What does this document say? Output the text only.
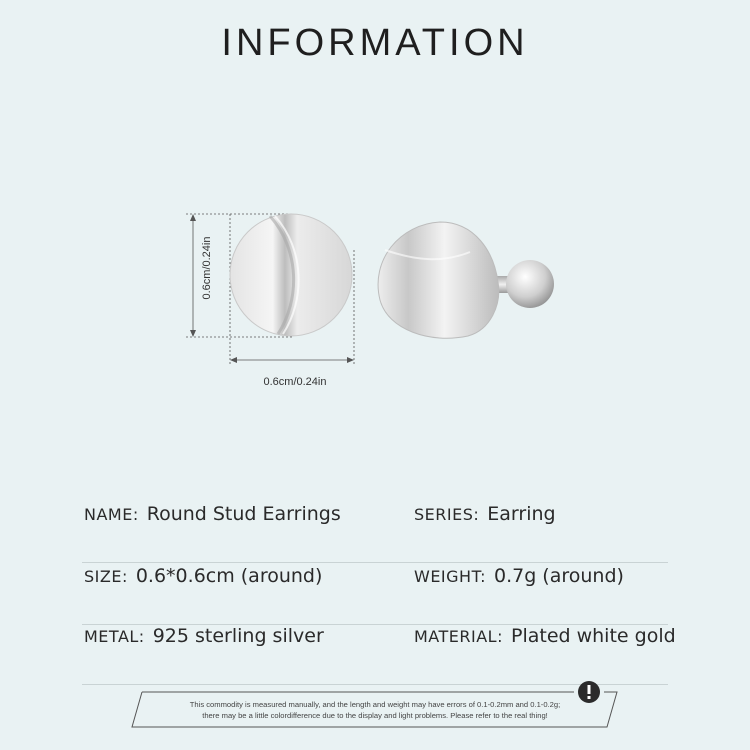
INFORMATION
0.6cm/0.24in
0.6cm/0.24in
NAME: Round Stud Earrings	SERIES: Earring
SIZE: 0.6*0.6cm (around)	WEIGHT: 0.7g (around)
METAL: 925 sterling silver	MATERIAL: Plated white gold
This commodity is measured manually, and the length and weight may have errors of 0.1-0.2mm and 0.1-0.2g;
there may be a little colordifference due to the display and light problems. Please refer to the real thing!
